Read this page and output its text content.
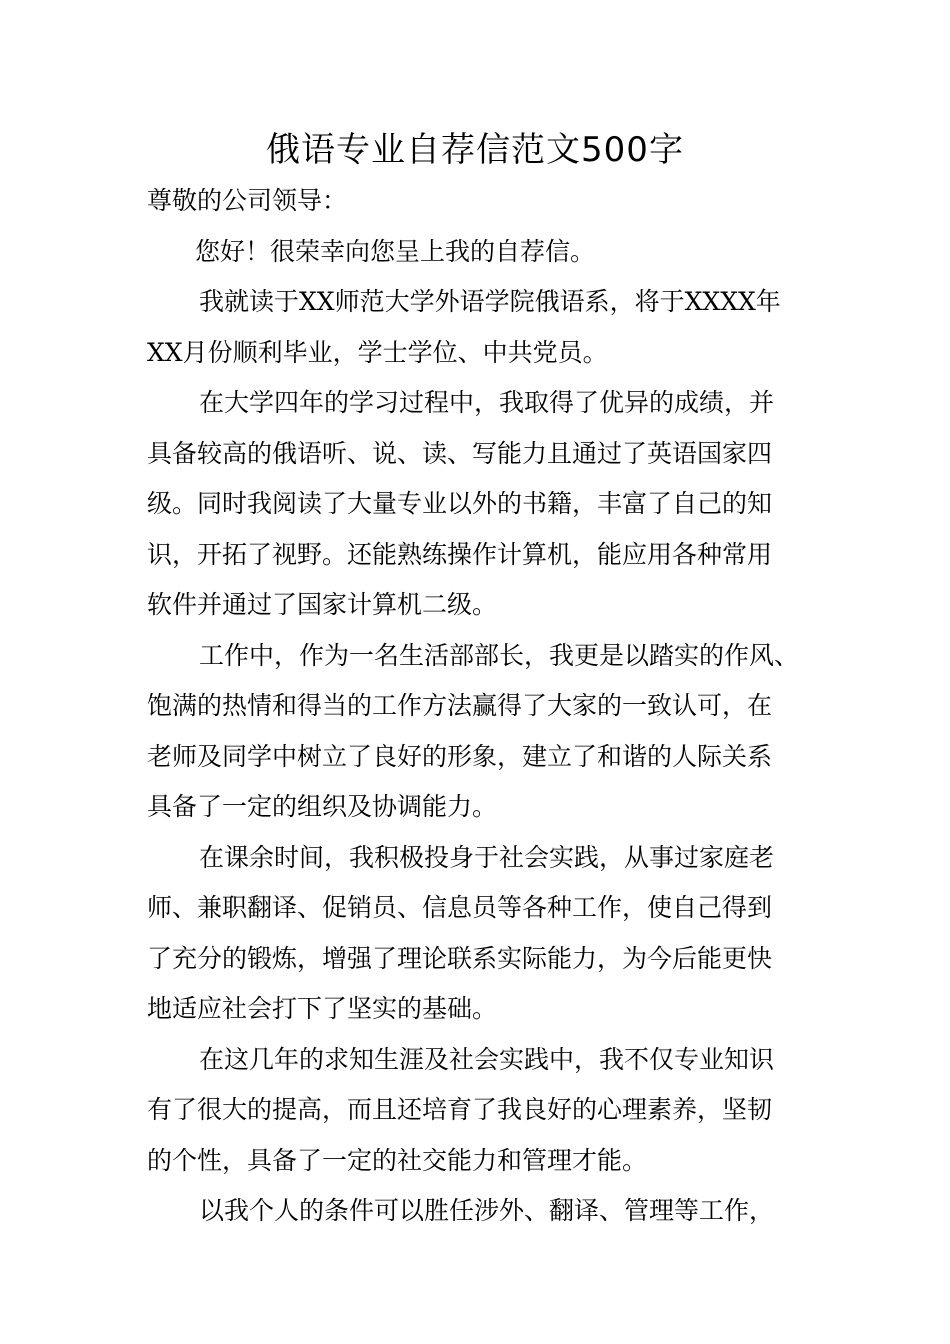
俄语专业自荐信范文500字

尊敬的公司领导：

您好！很荣幸向您呈上我的自荐信。

我就读于XX师范大学外语学院俄语系，将于XXXX年
XX月份顺利毕业，学士学位、中共党员。

在大学四年的学习过程中，我取得了优异的成绩，并
具备较高的俄语听、说、读、写能力且通过了英语国家四
级。同时我阅读了大量专业以外的书籍，丰富了自己的知
识，开拓了视野。还能熟练操作计算机，能应用各种常用
软件并通过了国家计算机二级。

工作中，作为一名生活部部长，我更是以踏实的作风、
饱满的热情和得当的工作方法赢得了大家的一致认可，在
老师及同学中树立了良好的形象，建立了和谐的人际关系
具备了一定的组织及协调能力。

在课余时间，我积极投身于社会实践，从事过家庭老
师、兼职翻译、促销员、信息员等各种工作，使自己得到
了充分的锻炼，增强了理论联系实际能力，为今后能更快
地适应社会打下了坚实的基础。

在这几年的求知生涯及社会实践中，我不仅专业知识
有了很大的提高，而且还培育了我良好的心理素养，坚韧
的个性，具备了一定的社交能力和管理才能。

以我个人的条件可以胜任涉外、翻译、管理等工作，
